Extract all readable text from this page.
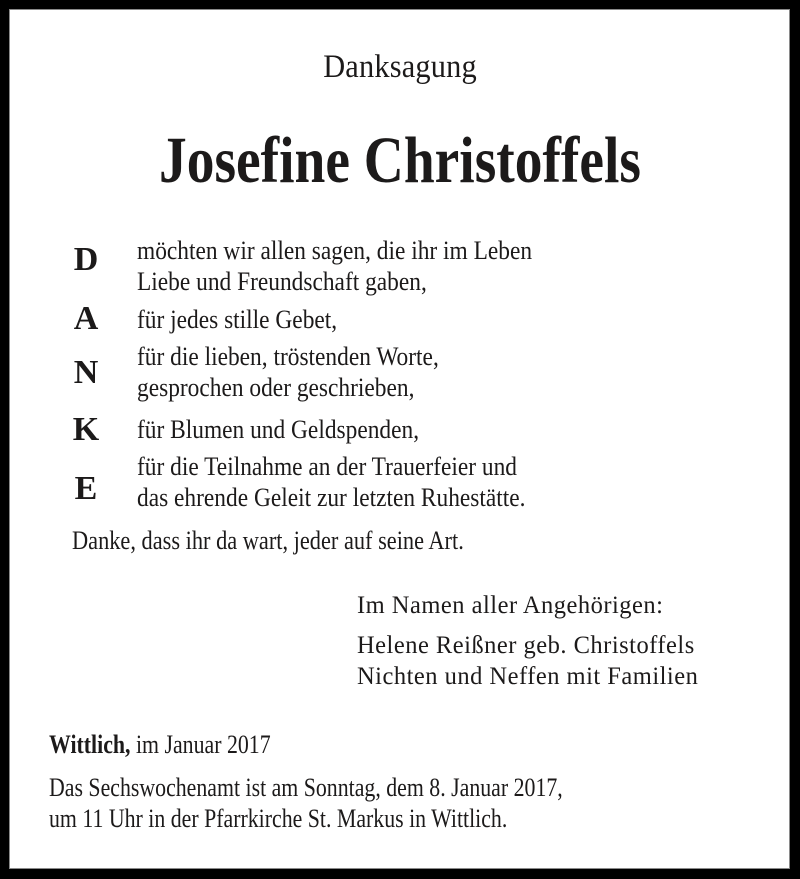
Danksagung
Josefine Christoffels
D möchten wir allen sagen, die ihr im Leben
Liebe und Freundschaft gaben,
A für jedes stille Gebet,
N für die lieben, tröstenden Worte,
gesprochen oder geschrieben,
K für Blumen und Geldspenden,
E
für die Teilnahme an der Trauerfeier und
das ehrende Geleit zur letzten Ruhestätte.
Danke, dass ihr da wart, jeder auf seine Art.
Im Namen aller Angehörigen:
Helene Reißner geb. Christoffels
Nichten und Neffen mit Familien
Wittlich, im Januar 2017
Das Sechswochenamt ist am Sonntag, dem 8. Januar 2017,
um 11 Uhr in der Pfarrkirche St. Markus in Wittlich.
